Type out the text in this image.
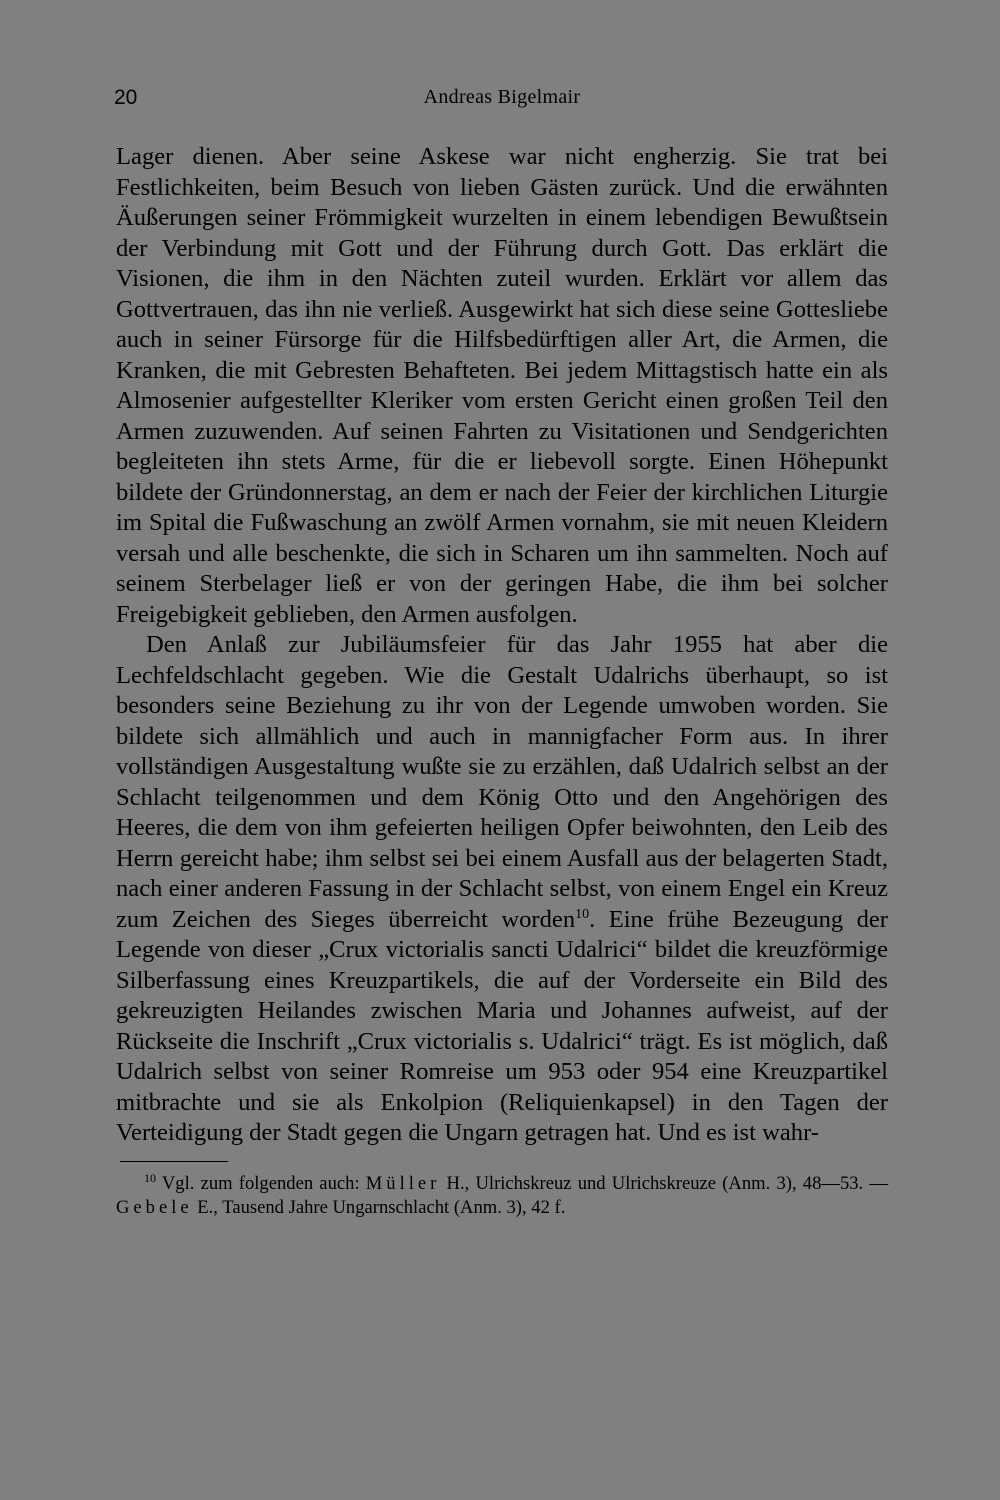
20	Andreas Bigelmair

Lager dienen. Aber seine Askese war nicht engherzig. Sie trat bei Festlichkeiten, beim Besuch von lieben Gästen zurück. Und die erwähnten Äußerungen seiner Frömmigkeit wurzelten in einem lebendigen Bewußtsein der Verbindung mit Gott und der Führung durch Gott. Das erklärt die Visionen, die ihm in den Nächten zuteil wurden. Erklärt vor allem das Gottvertrauen, das ihn nie verließ. Ausgewirkt hat sich diese seine Gottesliebe auch in seiner Fürsorge für die Hilfsbedürftigen aller Art, die Armen, die Kranken, die mit Gebresten Behafteten. Bei jedem Mittagstisch hatte ein als Almosenier aufgestellter Kleriker vom ersten Gericht einen großen Teil den Armen zuzuwenden. Auf seinen Fahrten zu Visitationen und Sendgerichten begleiteten ihn stets Arme, für die er liebevoll sorgte. Einen Höhepunkt bildete der Gründonnerstag, an dem er nach der Feier der kirchlichen Liturgie im Spital die Fußwaschung an zwölf Armen vornahm, sie mit neuen Kleidern versah und alle beschenkte, die sich in Scharen um ihn sammelten. Noch auf seinem Sterbelager ließ er von der geringen Habe, die ihm bei solcher Freigebigkeit geblieben, den Armen ausfolgen.

Den Anlaß zur Jubiläumsfeier für das Jahr 1955 hat aber die Lechfeldschlacht gegeben. Wie die Gestalt Udalrichs überhaupt, so ist besonders seine Beziehung zu ihr von der Legende umwoben worden. Sie bildete sich allmählich und auch in mannigfacher Form aus. In ihrer vollständigen Ausgestaltung wußte sie zu erzählen, daß Udalrich selbst an der Schlacht teilgenommen und dem König Otto und den Angehörigen des Heeres, die dem von ihm gefeierten heiligen Opfer beiwohnten, den Leib des Herrn gereicht habe; ihm selbst sei bei einem Ausfall aus der belagerten Stadt, nach einer anderen Fassung in der Schlacht selbst, von einem Engel ein Kreuz zum Zeichen des Sieges überreicht worden$^{10}$. Eine frühe Bezeugung der Legende von dieser „Crux victorialis sancti Udalrici“ bildet die kreuzförmige Silberfassung eines Kreuzpartikels, die auf der Vorderseite ein Bild des gekreuzigten Heilandes zwischen Maria und Johannes aufweist, auf der Rückseite die Inschrift „Crux victorialis s. Udalrici“ trägt. Es ist möglich, daß Udalrich selbst von seiner Romreise um 953 oder 954 eine Kreuzpartikel mitbrachte und sie als Enkolpion (Reliquienkapsel) in den Tagen der Verteidigung der Stadt gegen die Ungarn getragen hat. Und es ist wahr-

$^{10}$ Vgl. zum folgenden auch: Müller H., Ulrichskreuz und Ulrichskreuze (Anm. 3), 48—53. — Gebele E., Tausend Jahre Ungarnschlacht (Anm. 3), 42 f.
